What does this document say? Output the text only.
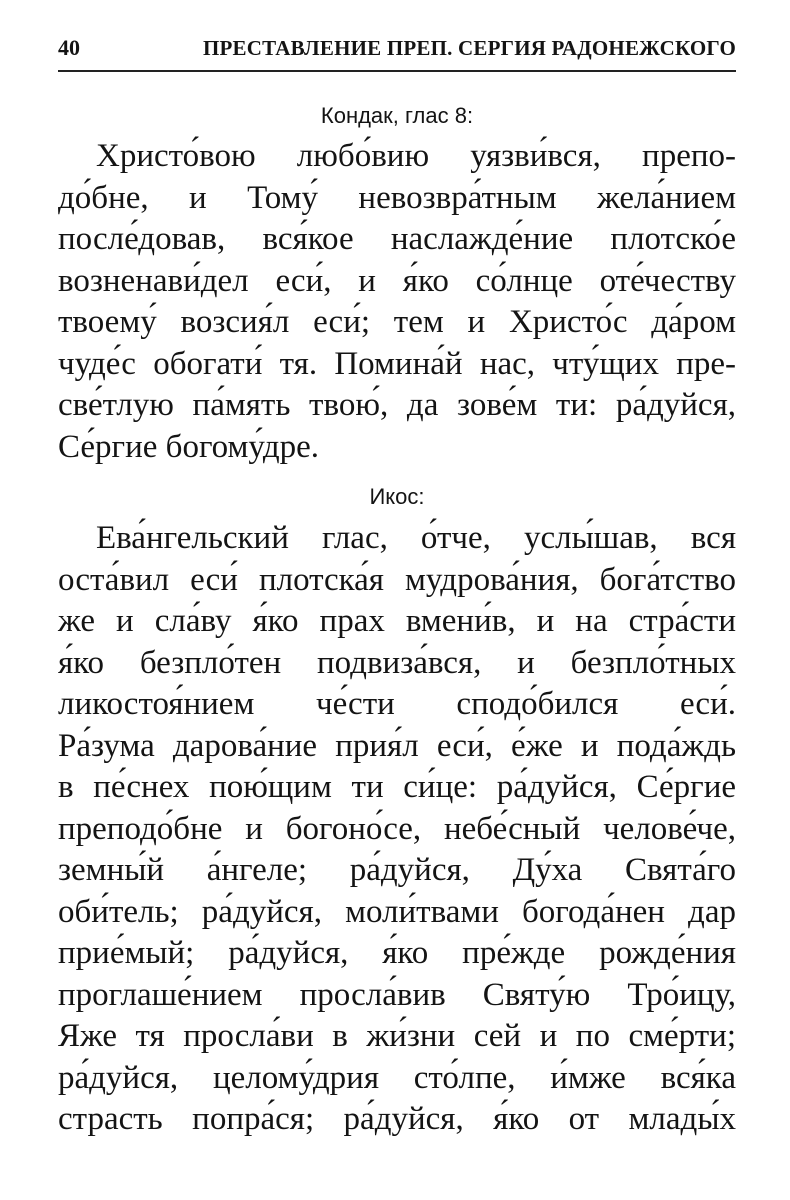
40	ПРЕСТАВЛЕНИЕ ПРЕП. СЕРГИЯ РАДОНЕЖСКОГО
Кондак, глас 8:
Христо́вою любо́вию уязви́вся, препо-
до́бне, и Тому́ невозвра́тным жела́нием
после́довав, вся́кое наслажде́ние плотско́е
возненави́дел еси́, и я́ко со́лнце оте́честву
твоему́ возсия́л еси́; тем и Христо́с да́ром
чуде́с обогати́ тя. Помина́й нас, чту́щих пре-
све́тлую па́мять твою́, да зове́м ти: ра́дуйся,
Се́ргие богому́дре.
Икос:
Ева́нгельский глас, о́тче, услы́шав, вся
оста́вил еси́ плотска́я мудрова́ния, бога́тство
же и сла́ву я́ко прах вмени́в, и на стра́сти
я́ко безпло́тен подвиза́вся, и безпло́тных
ликостоя́нием че́сти сподо́бился еси́.
Ра́зума дарова́ние прия́л еси́, е́же и пода́ждь
в пе́снех пою́щим ти си́це: ра́дуйся, Се́ргие
преподо́бне и богоно́се, небе́сный челове́че,
земны́й а́нгеле; ра́дуйся, Ду́ха Свята́го
оби́тель; ра́дуйся, моли́твами богода́нен дар
прие́мый; ра́дуйся, я́ко пре́жде рожде́ния
проглаше́нием просла́вив Святу́ю Тро́ицу,
Яже тя просла́ви в жи́зни сей и по сме́рти;
ра́дуйся, целому́дрия сто́лпе, и́мже вся́ка
страсть попра́ся; ра́дуйся, я́ко от млады́х
